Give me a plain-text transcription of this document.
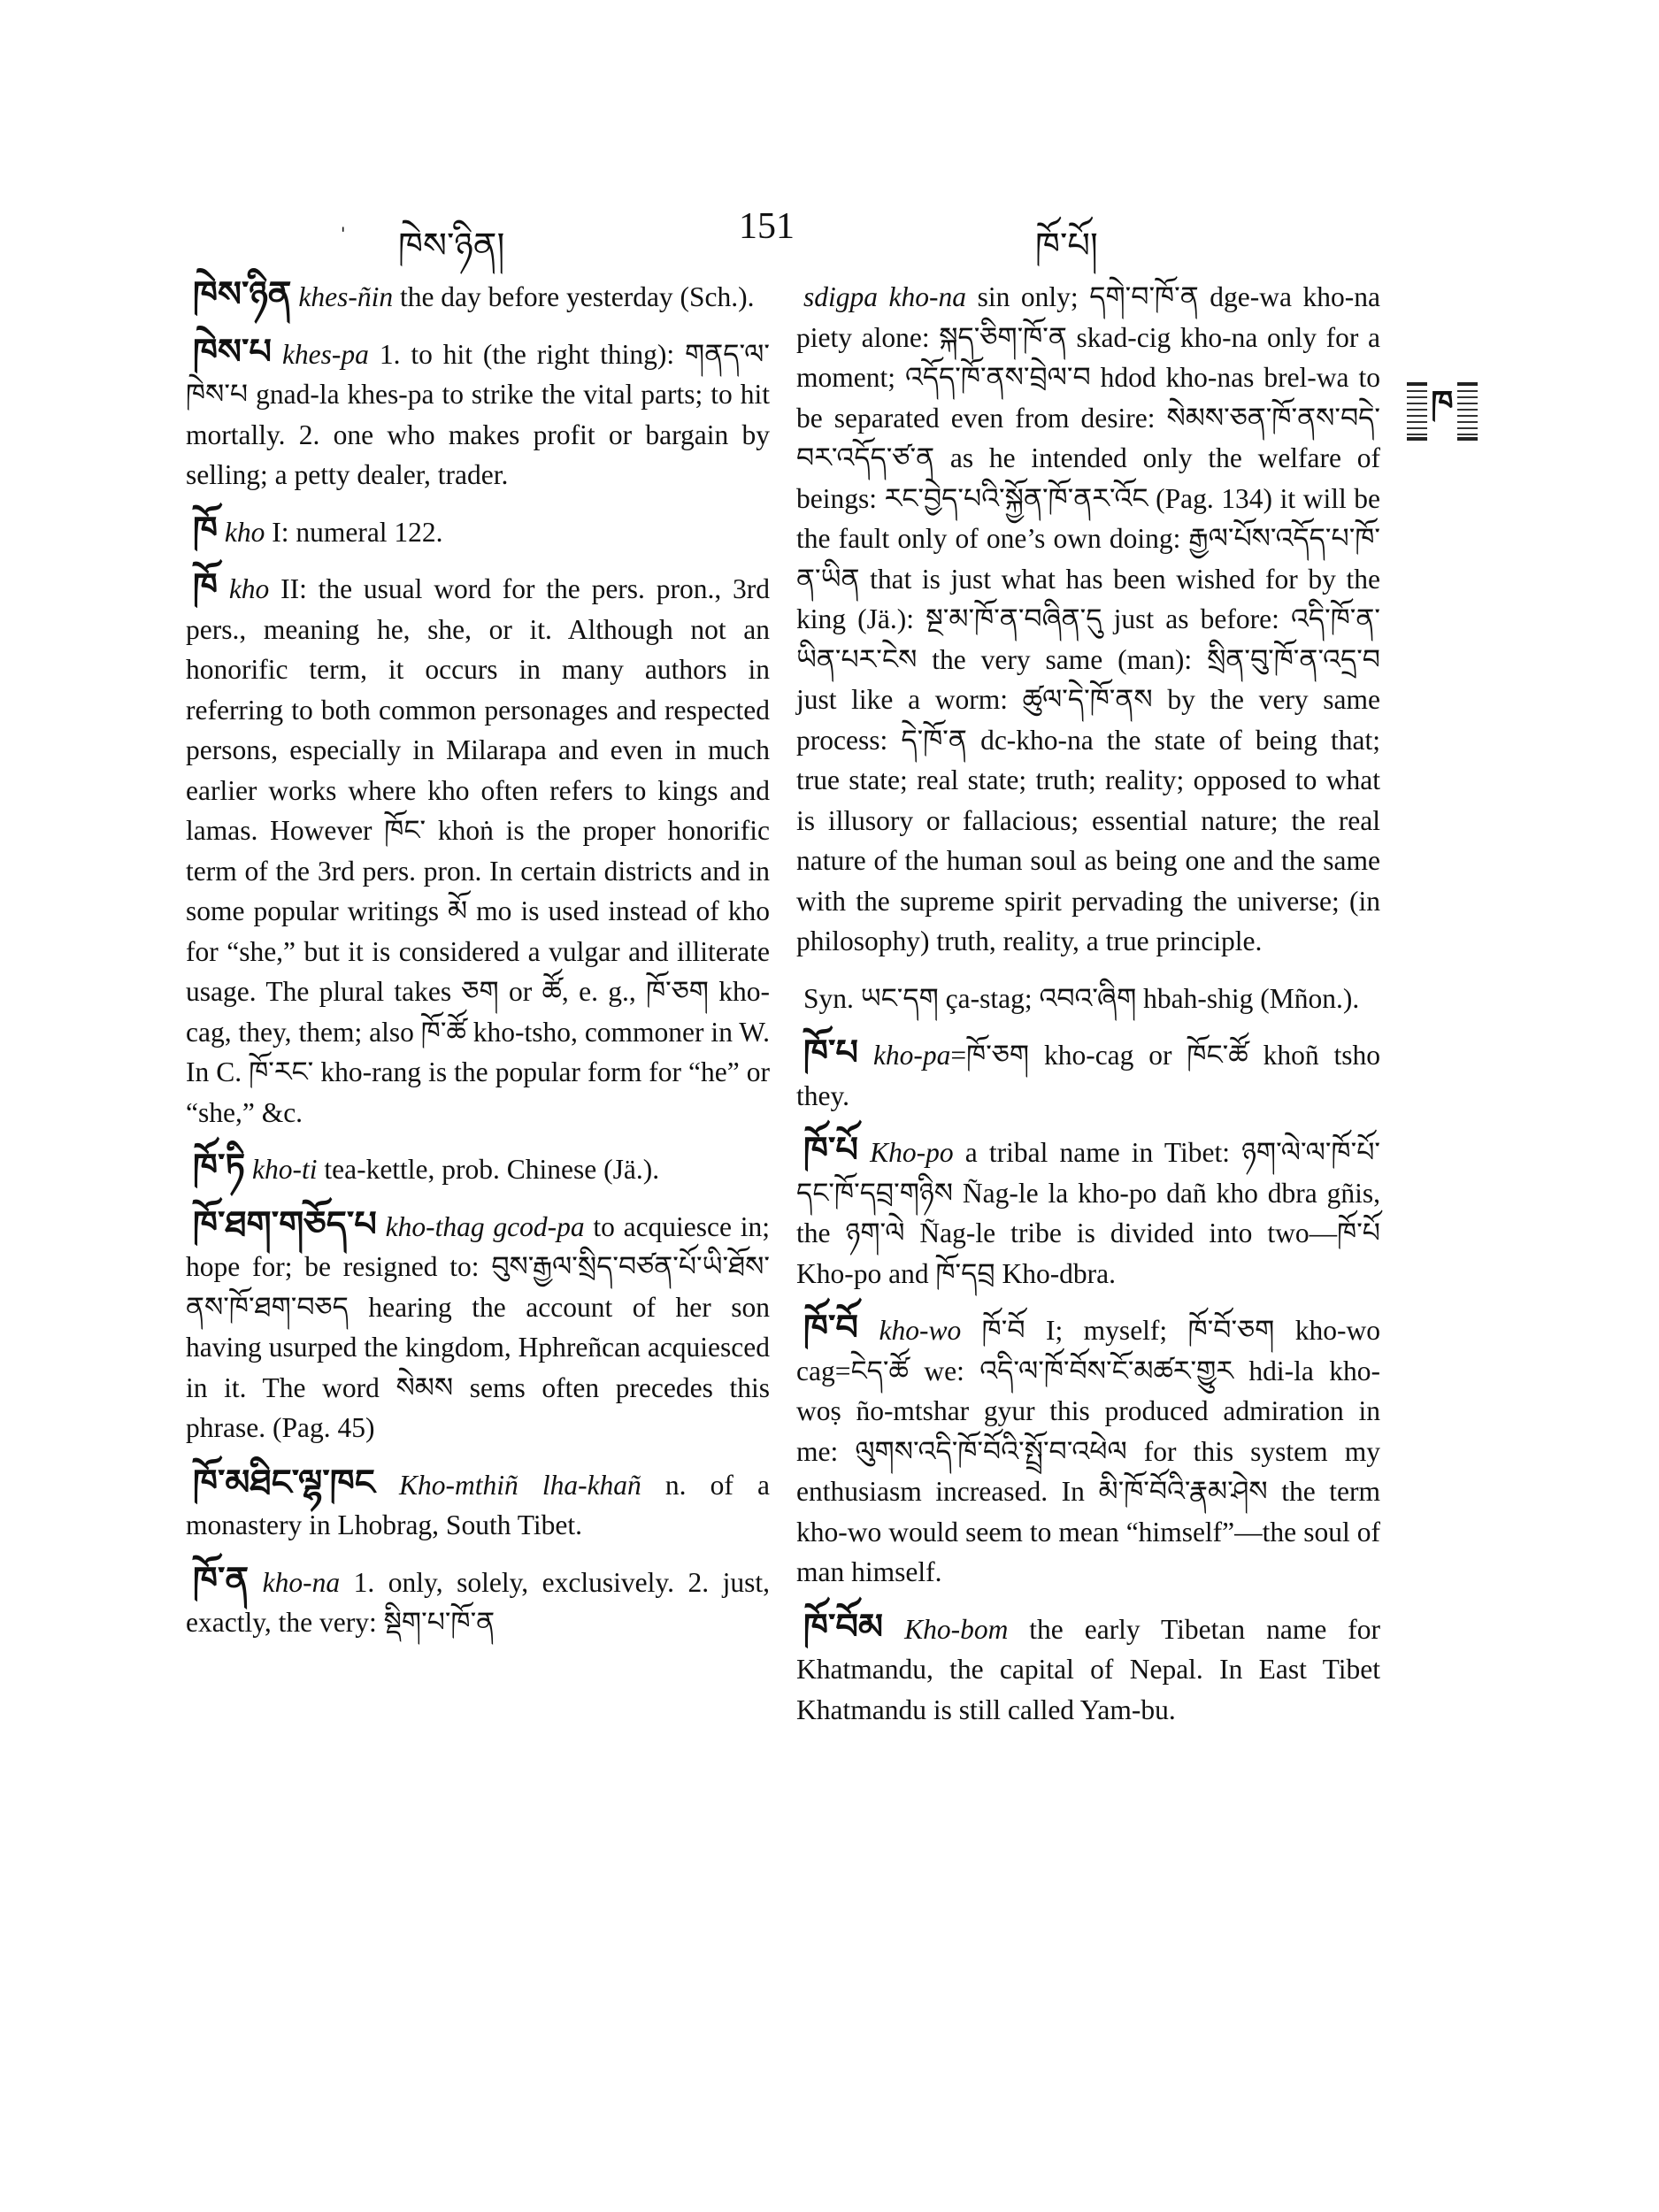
' ཁེས་ཉིན།	151	ཁོ་པོ།
ཁ

ཁེས་ཉིན khes-ñin the day before yesterday (Sch.).

ཁེས་པ khes-pa 1. to hit (the right thing): གནད་ལ་ཁེས་པ gnad-la khes-pa to strike the vital parts; to hit mortally. 2. one who makes profit or bargain by selling; a petty dealer, trader.

ཁོ kho I: numeral 122.

ཁོ kho II: the usual word for the pers. pron., 3rd pers., meaning he, she, or it. Although not an honorific term, it occurs in many authors in referring to both common personages and respected persons, especially in Milarapa and even in much earlier works where kho often refers to kings and lamas. However ཁོང་ khoṅ is the proper honorific term of the 3rd pers. pron. In certain districts and in some popular writings མོ mo is used instead of kho for “she,” but it is considered a vulgar and illiterate usage. The plural takes ཅག or ཚོ, e. g., ཁོ་ཅག kho-cag, they, them; also ཁོ་ཚོ kho-tsho, commoner in W. In C. ཁོ་རང་ kho-rang is the popular form for “he” or “she,” &c.

ཁོ་ཏི kho-ti tea-kettle, prob. Chinese (Jä.).

ཁོ་ཐག་གཅོད་པ kho-thag gcod-pa to acquiesce in; hope for; be resigned to: བུས་རྒྱལ་སྲིད་བཙན་པོ་ཡི་ཐོས་ནས་ཁོ་ཐག་བཅད hearing the account of her son having usurped the kingdom, Hphreñcan acquiesced in it. The word སེམས sems often precedes this phrase. (Pag. 45)

ཁོ་མཐིང་ལྷ་ཁང Kho-mthiñ lha-khañ n. of a monastery in Lhobrag, South Tibet.

ཁོ་ན kho-na 1. only, solely, exclusively. 2. just, exactly, the very: སྡིག་པ་ཁོ་ན

sdigpa kho-na sin only; དགེ་བ་ཁོ་ན dge-wa kho-na piety alone: སྐད་ཅིག་ཁོ་ན skad-cig kho-na only for a moment; འདོད་ཁོ་ནས་བྲེལ་བ hdod kho-nas brel-wa to be separated even from desire: སེམས་ཅན་ཁོ་ནས་བདེ་བར་འདོད་ཙ་ན as he intended only the welfare of beings: རང་བྱེད་པའི་སྐྱོན་ཁོ་ནར་འོང (Pag. 134) it will be the fault only of one’s own doing: རྒྱལ་པོས་འདོད་པ་ཁོ་ན་ཡིན that is just what has been wished for by the king (Jä.): སྔ་མ་ཁོ་ན་བཞིན་དུ just as before: འདི་ཁོ་ན་ཡིན་པར་ངེས the very same (man): སྲིན་བུ་ཁོ་ན་འདྲ་བ just like a worm: ཚུལ་དེ་ཁོ་ནས by the very same process: དེ་ཁོ་ན dc-kho-na the state of being that; true state; real state; truth; reality; opposed to what is illusory or fallacious; essential nature; the real nature of the human soul as being one and the same with the supreme spirit pervading the universe; (in philosophy) truth, reality, a true principle.

Syn. ཡང་དག ça-stag; འབའ་ཞིག hbah-shig (Mñon.).

ཁོ་པ kho-pa=ཁོ་ཅག kho-cag or ཁོང་ཚོ khoñ tsho they.

ཁོ་པོ Kho-po a tribal name in Tibet: ཉག་ལེ་ལ་ཁོ་པོ་དང་ཁོ་དབྲ་གཉིས Ñag-le la kho-po dañ kho dbra gñis, the ཉག་ལེ Ñag-le tribe is divided into two—ཁོ་པོ Kho-po and ཁོ་དབྲ Kho-dbra.

ཁོ་བོ kho-wo ཁོ་བོ I; myself; ཁོ་བོ་ཅག kho-wo cag=ངེད་ཚོ we: འདི་ལ་ཁོ་བོས་ངོ་མཚར་གྱུར hdi-la kho-woṣ ño-mtshar gyur this produced admiration in me: ལུགས་འདི་ཁོ་བོའི་སྤྲོ་བ་འཕེལ for this system my enthusiasm increased. In མི་ཁོ་བོའི་རྣམ་ཤེས the term kho-wo would seem to mean “himself”—the soul of man himself.

ཁོ་བོམ Kho-bom the early Tibetan name for Khatmandu, the capital of Nepal. In East Tibet Khatmandu is still called Yam-bu.
